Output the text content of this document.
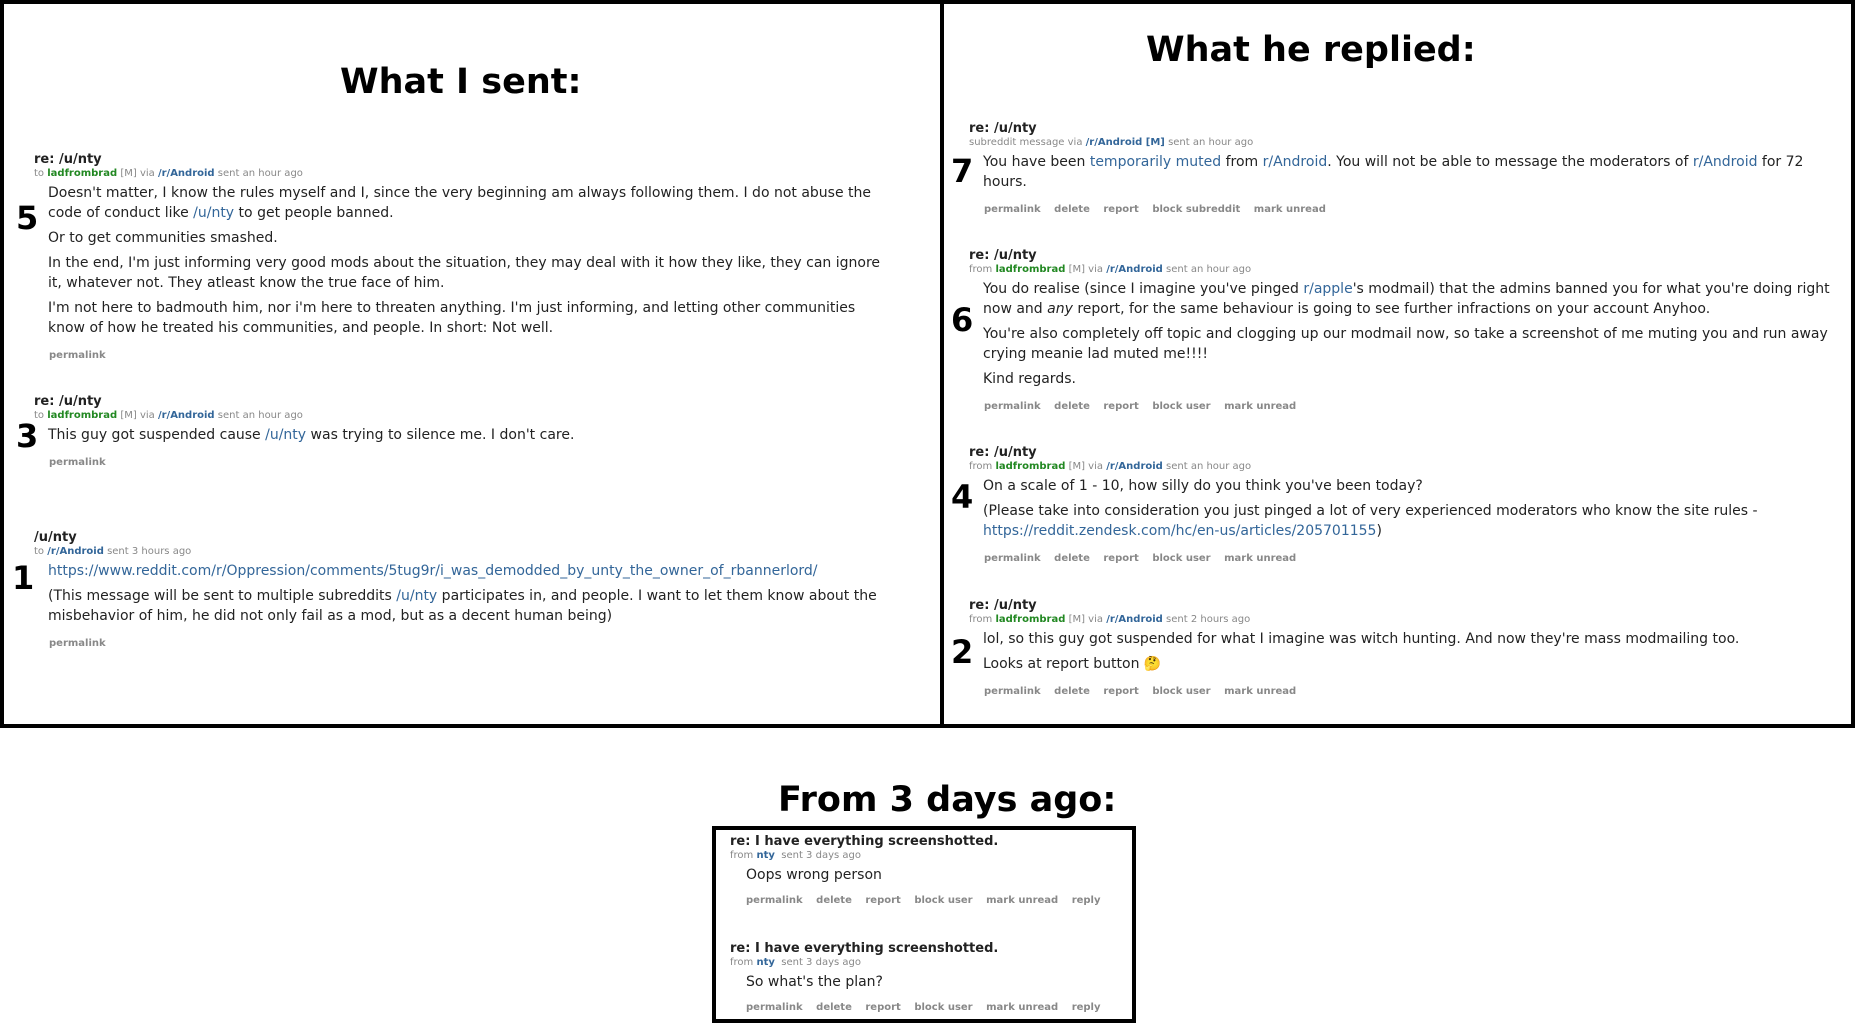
What I sent:
5
re: /u/nty
to ladfrombrad [M] via /r/Android sent an hour ago

Doesn't matter, I know the rules myself and I, since the very beginning am always following them. I do not abuse the code of conduct like /u/nty to get people banned.

Or to get communities smashed.

In the end, I'm just informing very good mods about the situation, they may deal with it how they like, they can ignore it, whatever not. They atleast know the true face of him.

I'm not here to badmouth him, nor i'm here to threaten anything. I'm just informing, and letting other communities know of how he treated his communities, and people. In short: Not well.

permalink
3
re: /u/nty
to ladfrombrad [M] via /r/Android sent an hour ago

This guy got suspended cause /u/nty was trying to silence me. I don't care.

permalink
1
/u/nty
to /r/Android sent 3 hours ago

https://www.reddit.com/r/Oppression/comments/5tug9r/i_was_demodded_by_unty_the_owner_of_rbannerlord/

(This message will be sent to multiple subreddits /u/nty participates in, and people. I want to let them know about the misbehavior of him, he did not only fail as a mod, but as a decent human being)

permalink
What he replied:
7
re: /u/nty
subreddit message via /r/Android [M] sent an hour ago

You have been temporarily muted from r/Android. You will not be able to message the moderators of r/Android for 72 hours.

permalink delete report block subreddit mark unread
6
re: /u/nty
from ladfrombrad [M] via /r/Android sent an hour ago

You do realise (since I imagine you've pinged r/apple's modmail) that the admins banned you for what you're doing right now and any report, for the same behaviour is going to see further infractions on your account Anyhoo.

You're also completely off topic and clogging up our modmail now, so take a screenshot of me muting you and run away crying meanie lad muted me!!!!

Kind regards.

permalink delete report block user mark unread
4
re: /u/nty
from ladfrombrad [M] via /r/Android sent an hour ago

On a scale of 1 - 10, how silly do you think you've been today?

(Please take into consideration you just pinged a lot of very experienced moderators who know the site rules - https://reddit.zendesk.com/hc/en-us/articles/205701155)

permalink delete report block user mark unread
2
re: /u/nty
from ladfrombrad [M] via /r/Android sent 2 hours ago

lol, so this guy got suspended for what I imagine was witch hunting. And now they're mass modmailing too.

Looks at report button 🤔

permalink delete report block user mark unread
From 3 days ago:
re: I have everything screenshotted.
from nty sent 3 days ago

Oops wrong person

permalink delete report block user mark unread reply
re: I have everything screenshotted.
from nty sent 3 days ago

So what's the plan?

permalink delete report block user mark unread reply
